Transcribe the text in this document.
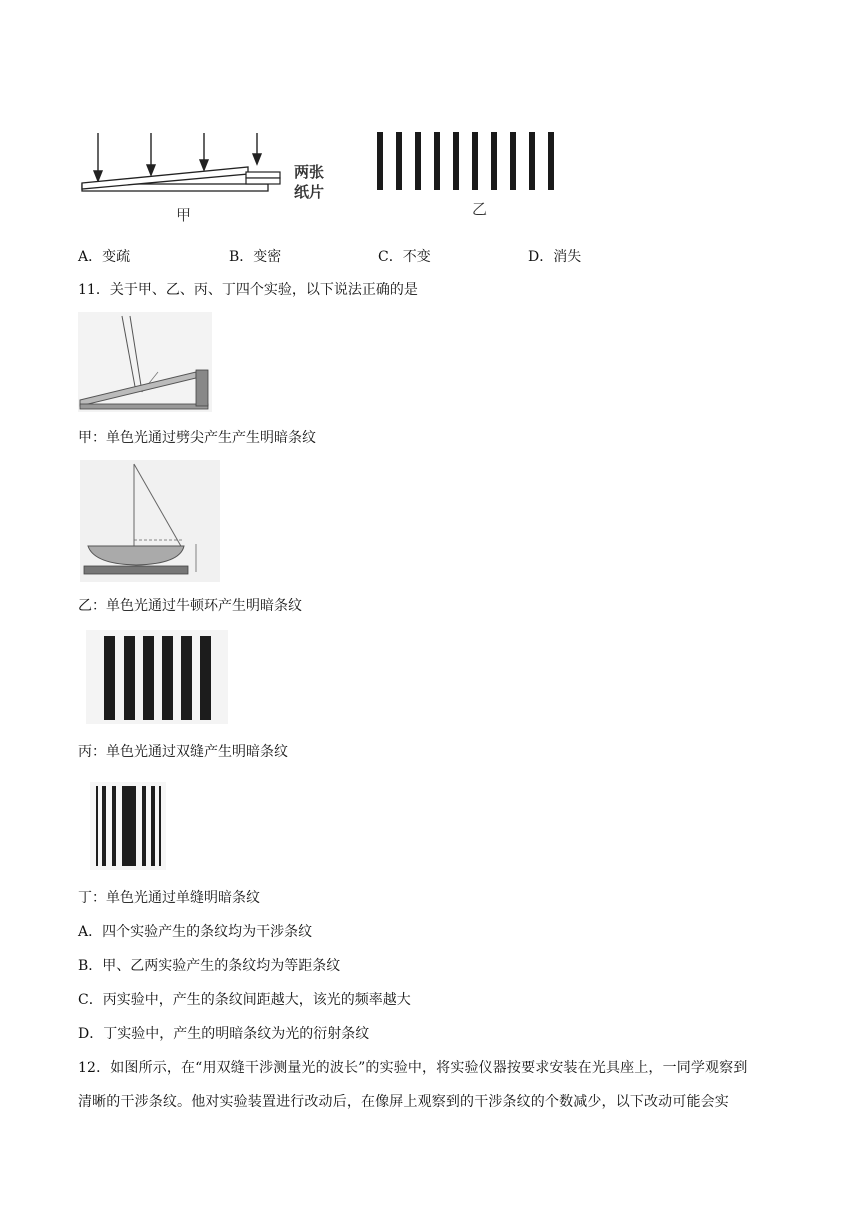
两张纸片
甲	乙
A．变疏	B．变密	C．不变	D．消失
11．关于甲、乙、丙、丁四个实验，以下说法正确的是
甲：单色光通过劈尖产生产生明暗条纹
乙：单色光通过牛顿环产生明暗条纹
丙：单色光通过双缝产生明暗条纹
丁：单色光通过单缝明暗条纹
A．四个实验产生的条纹均为干涉条纹
B．甲、乙两实验产生的条纹均为等距条纹
C．丙实验中，产生的条纹间距越大，该光的频率越大
D．丁实验中，产生的明暗条纹为光的衍射条纹
12．如图所示，在“用双缝干涉测量光的波长”的实验中，将实验仪器按要求安装在光具座上，一同学观察到
清晰的干涉条纹。他对实验装置进行改动后，在像屏上观察到的干涉条纹的个数减少，以下改动可能会实
